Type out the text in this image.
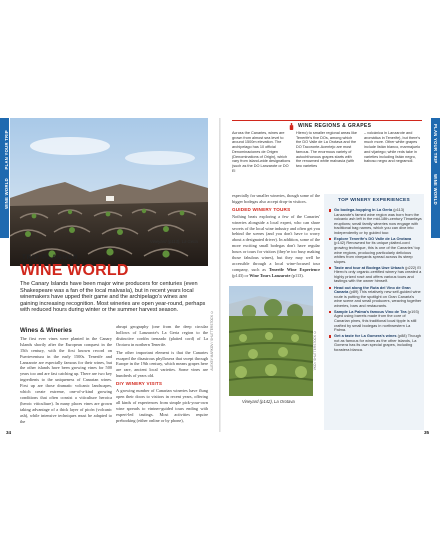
PLAN YOUR TRIP
WINE WORLD
Vineyard (p113), La Geria
ALEXEY MARKOV / SHUTTERSTOCK ©
TRIP PLANNER
WINE WORLD
The Canary Islands have been major wine producers for centuries (even Shakespeare was a fan of the local malvasía), but in recent years local winemakers have upped their game and the archipelago's wines are gaining increasing recognition. Most wineries are open year-round, perhaps with reduced hours during winter or the summer harvest season.
Wines & Wineries

The first ever vines were planted in the Canary Islands shortly after the European conquest in the 15th century, with the first known record on Fuerteventura in the early 1500s. Tenerife and Lanzarote are especially famous for their wines, but the other islands have been growing vines for 500 years too and are fast catching up. There are two key ingredients to the uniqueness of Canarian wines. First up are those dramatic volcanic landscapes, which create extreme, one-of-a-kind growing conditions that often consist a viticulture heroica (heroic viticulture). In many places vines are grown taking advantage of a thick layer of picón (volcanic ash), while intensive techniques must be adapted to the

abrupt geography (one from the deep circular hollows of Lanzarote's La Geria region to the distinctive cordón trenzado (plaited cord) of La Orotava in northern Tenerife.

The other important element is that the Canaries escaped the disastrous phylloxera that swept through Europe in the 19th century, which means grapes here are rare, ancient local varieties. Some vines are hundreds of years old.

DIY WINERY VISITS

A growing number of Canarian wineries have flung open their doors to visitors in recent years, offering all kinds of experiences from simple pick-your-own wine spreads to vintner-guided tours ending with expert-led tastings. Most activities require prebooking (either online or by phone),

34
PLAN YOUR TRIP
WINE WORLD
WINE REGIONS & GRAPES
Across the Canaries, wines are grown from almost sea level to around 1500m elevation. The archipelago has 10 official Denominaciones de Origen (Denominations of Origin), which vary from island-wide designations (such as the DO Lanzarote or DO El
Hierro) to smaller regional areas like Tenerife's five DOs, among which the DO Valle de La Orotava and the DO Tacoronte-Acentejo are most famous. The enormous variety of autochthonous grapes starts with the renowned white malvasía (with two varieties
– volcánica in Lanzarote and aromática in Tenerife), but there's much more. Other white grapes include listán blanco, marmajuelo and vijariego; while reds take in varieties including listán negro, baboso negro and negramoll.

especially for smaller wineries, though some of the bigger bodegas also accept drop-in visitors.

GUIDED WINERY TOURS

Nothing beats exploring a few of the Canaries' wineries alongside a local expert, who can share secrets of the local wine industry and often get you behind the scenes (and you don't have to worry about a designated driver). In addition, some of the more exciting small bodegas don't have regular hours or tours for visitors (they're too busy making those fabulous wines), but they may well be accessible through a local wine-focused tour company, such as Tenerife Wine Experience (p143) or Wine Tours Lanzarote (p113).

Vineyard (p142), La Orotava
VKO / SHUTTERSTOCK ©
TOP WINERY EXPERIENCES
Go bodega-hopping in La Geria (p113) Lanzarote's famed wine region was born from the volcanic ash left in the mid-18th-century Timanfaya eruptions; small family wineries now engage with traditional bag names, which you can dive into independently or by guided tour.
Explore Tenerife's DO Valle de La Orotava (p142) Renowned for its unique plaited-cord growing technique, this is one of the Canaries' top wine regions, producing particularly delicious whites from vineyards spread across its steep slopes.
Taste and tour at Bodega Uwe Urbach (p222) El Hierro's only organic-certified winery has created a highly prized rosé and offers various tours and tastings with the owner himself.
Head out along the Ruta del Vino de Gran Canaria (p89) This relatively new self-guided wine route is putting the spotlight on Gran Canaria's wine scene and small producers, weaving together wineries, bars and restaurants.
Sample La Palma's famous Vino de Tea (p193) Aged using barrels made from the core of Canarian pines, this traditional local tipple is still crafted by small bodegas in northwestern La Palma.
Get a taste for La Gomera's wines (p88) Though not as famous for wines as the other islands, La Gomera has its own special grapes, including forastera blanca.
35
